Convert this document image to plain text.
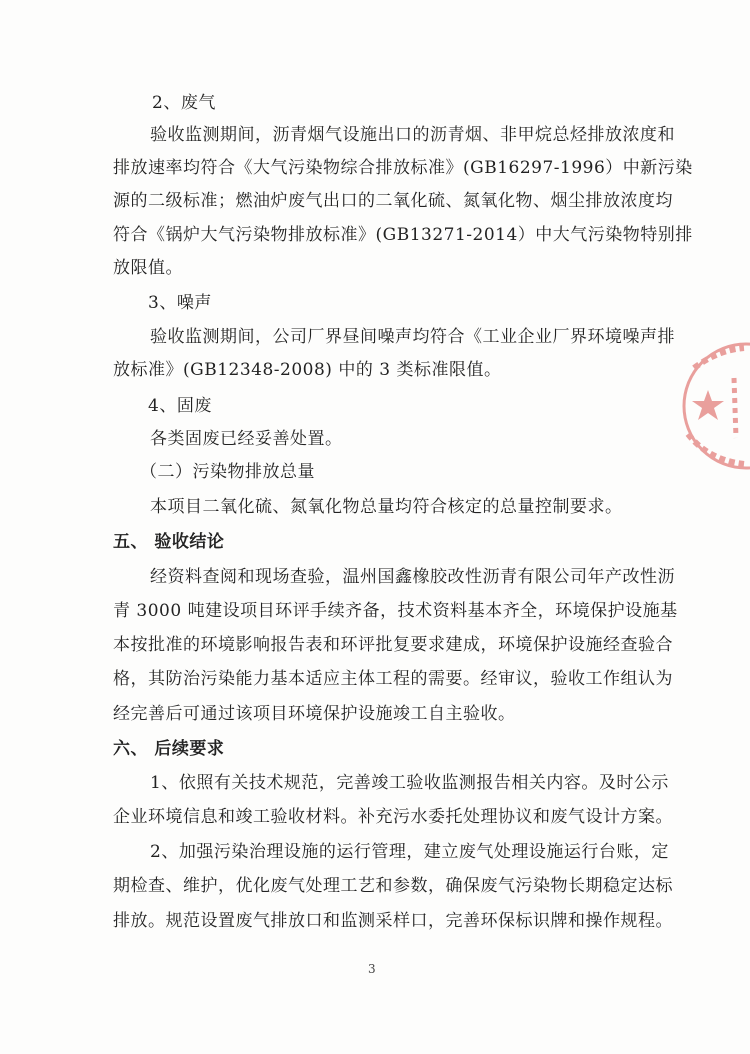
2、废气
验收监测期间，沥青烟气设施出口的沥青烟、非甲烷总烃排放浓度和
排放速率均符合《大气污染物综合排放标准》(GB16297-1996）中新污染
源的二级标准；燃油炉废气出口的二氧化硫、氮氧化物、烟尘排放浓度均
符合《锅炉大气污染物排放标准》(GB13271-2014）中大气污染物特别排
放限值。
3、噪声
验收监测期间，公司厂界昼间噪声均符合《工业企业厂界环境噪声排
放标准》(GB12348-2008) 中的 3 类标准限值。
4、固废
各类固废已经妥善处置。
（二）污染物排放总量
本项目二氧化硫、氮氧化物总量均符合核定的总量控制要求。
五、 验收结论
经资料查阅和现场查验，温州国鑫橡胶改性沥青有限公司年产改性沥
青 3000 吨建设项目环评手续齐备，技术资料基本齐全，环境保护设施基
本按批准的环境影响报告表和环评批复要求建成，环境保护设施经查验合
格，其防治污染能力基本适应主体工程的需要。经审议，验收工作组认为
经完善后可通过该项目环境保护设施竣工自主验收。
六、 后续要求
1、依照有关技术规范，完善竣工验收监测报告相关内容。及时公示
企业环境信息和竣工验收材料。补充污水委托处理协议和废气设计方案。
2、加强污染治理设施的运行管理，建立废气处理设施运行台账，定
期检查、维护，优化废气处理工艺和参数，确保废气污染物长期稳定达标
排放。规范设置废气排放口和监测采样口，完善环保标识牌和操作规程。
3
